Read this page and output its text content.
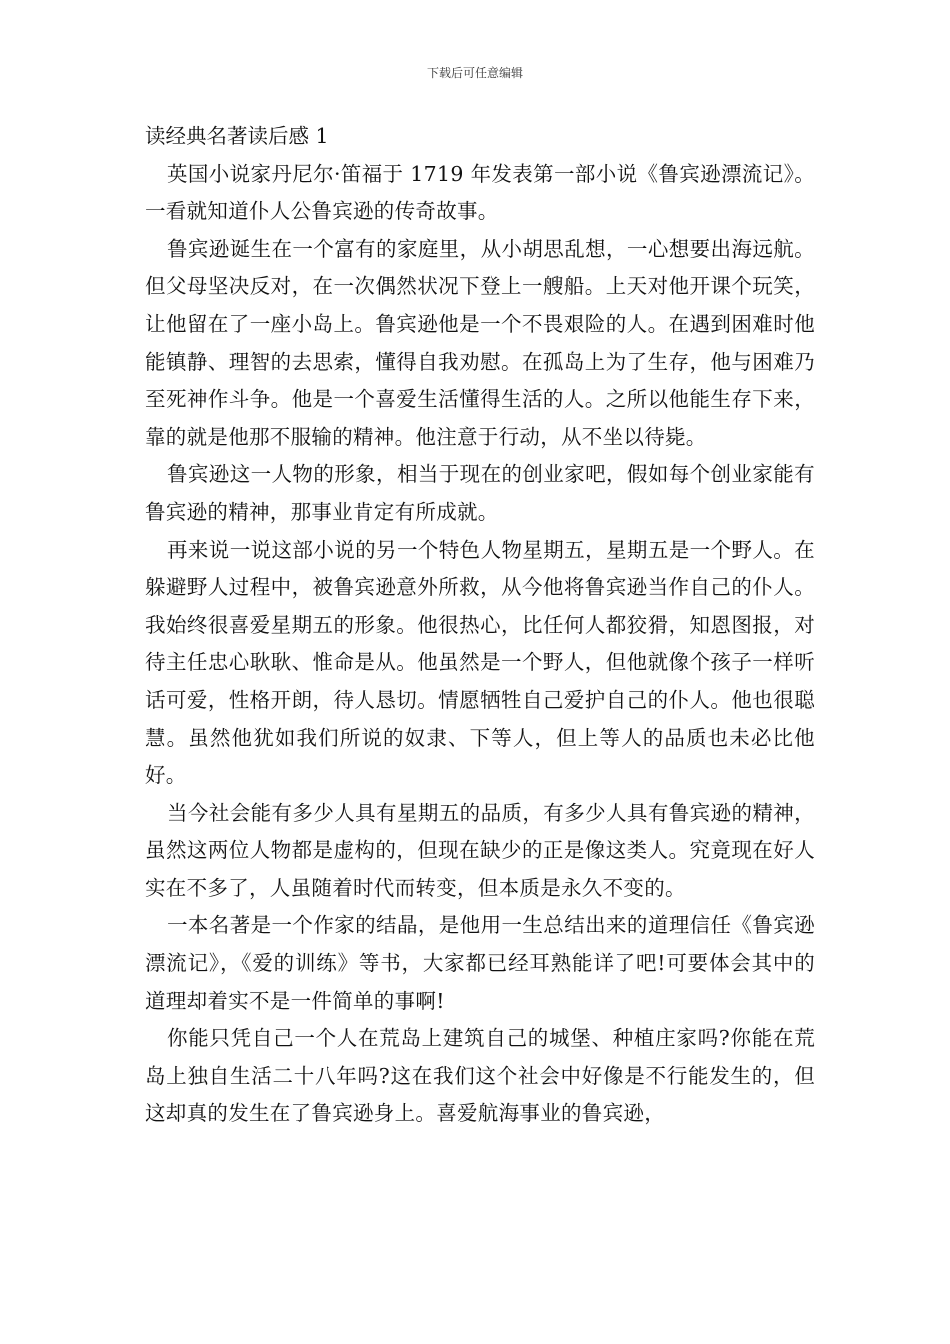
下载后可任意编辑
读经典名著读后感 1

英国小说家丹尼尔·笛福于 1719 年发表第一部小说《鲁宾逊漂流记》。一看就知道仆人公鲁宾逊的传奇故事。

鲁宾逊诞生在一个富有的家庭里，从小胡思乱想，一心想要出海远航。但父母坚决反对，在一次偶然状况下登上一艘船。上天对他开课个玩笑，让他留在了一座小岛上。鲁宾逊他是一个不畏艰险的人。在遇到困难时他能镇静、理智的去思索，懂得自我劝慰。在孤岛上为了生存，他与困难乃至死神作斗争。他是一个喜爱生活懂得生活的人。之所以他能生存下来，靠的就是他那不服输的精神。他注意于行动，从不坐以待毙。

鲁宾逊这一人物的形象，相当于现在的创业家吧，假如每个创业家能有鲁宾逊的精神，那事业肯定有所成就。

再来说一说这部小说的另一个特色人物星期五，星期五是一个野人。在躲避野人过程中，被鲁宾逊意外所救，从今他将鲁宾逊当作自己的仆人。我始终很喜爱星期五的形象。他很热心，比任何人都狡猾，知恩图报，对待主任忠心耿耿、惟命是从。他虽然是一个野人，但他就像个孩子一样听话可爱，性格开朗，待人恳切。情愿牺牲自己爱护自己的仆人。他也很聪慧。虽然他犹如我们所说的奴隶、下等人，但上等人的品质也未必比他好。

当今社会能有多少人具有星期五的品质，有多少人具有鲁宾逊的精神，虽然这两位人物都是虚构的，但现在缺少的正是像这类人。究竟现在好人实在不多了，人虽随着时代而转变，但本质是永久不变的。

一本名著是一个作家的结晶，是他用一生总结出来的道理信任《鲁宾逊漂流记》，《爱的训练》等书，大家都已经耳熟能详了吧!可要体会其中的道理却着实不是一件简单的事啊!

你能只凭自己一个人在荒岛上建筑自己的城堡、种植庄家吗?你能在荒岛上独自生活二十八年吗?这在我们这个社会中好像是不行能发生的，但这却真的发生在了鲁宾逊身上。喜爱航海事业的鲁宾逊，
